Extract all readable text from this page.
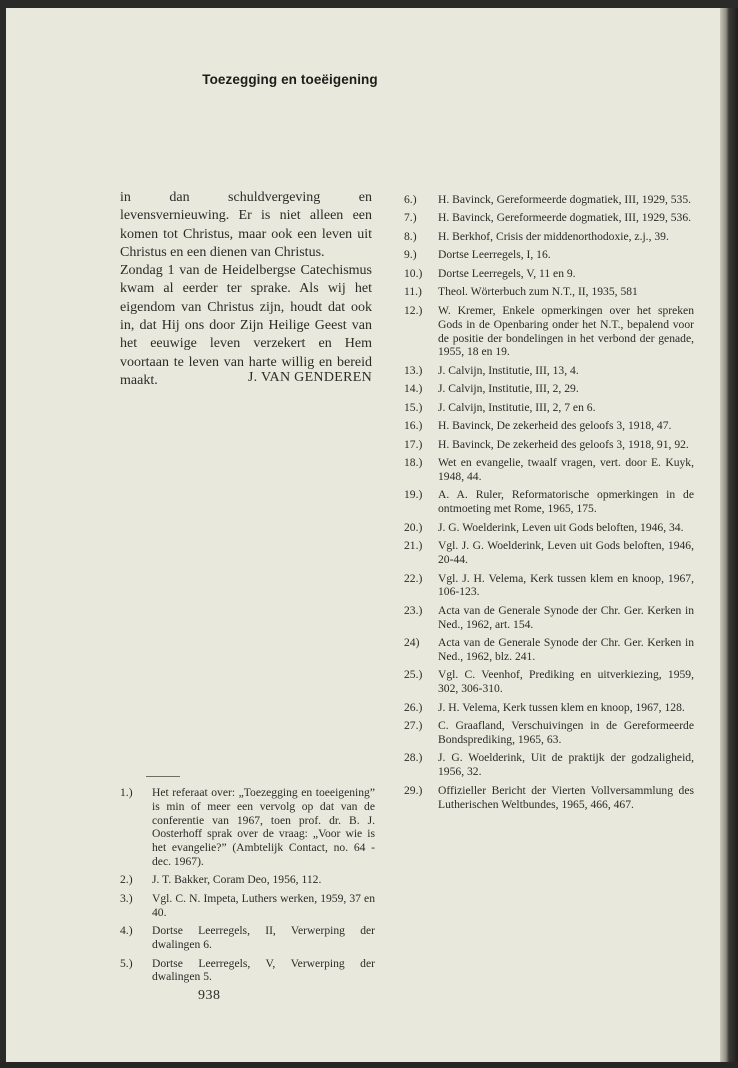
Toezegging en toeëigening

in dan schuldvergeving en levensvernieuwing. Er is niet alleen een komen tot Christus, maar ook een leven uit Christus en een dienen van Christus.

Zondag 1 van de Heidelbergse Catechismus kwam al eerder ter sprake. Als wij het eigendom van Christus zijn, houdt dat ook in, dat Hij ons door Zijn Heilige Geest van het eeuwige leven verzekert en Hem voortaan te leven van harte willig en bereid maakt.	J. VAN GENDEREN
1.) Het referaat over: „Toezegging en toeeigening” is min of meer een vervolg op dat van de conferentie van 1967, toen prof. dr. B. J. Oosterhoff sprak over de vraag: „Voor wie is het evangelie?” (Ambtelijk Contact, no. 64 - dec. 1967).
2.) J. T. Bakker, Coram Deo, 1956, 112.
3.) Vgl. C. N. Impeta, Luthers werken, 1959, 37 en 40.
4.) Dortse Leerregels, II, Verwerping der dwalingen 6.
5.) Dortse Leerregels, V, Verwerping der dwalingen 5.
6.) H. Bavinck, Gereformeerde dogmatiek, III, 1929, 535.
7.) H. Bavinck, Gereformeerde dogmatiek, III, 1929, 536.
8.) H. Berkhof, Crisis der middenorthodoxie, z.j., 39.
9.) Dortse Leerregels, I, 16.
10.) Dortse Leerregels, V, 11 en 9.
11.) Theol. Wörterbuch zum N.T., II, 1935, 581
12.) W. Kremer, Enkele opmerkingen over het spreken Gods in de Openbaring onder het N.T., bepalend voor de positie der bondelingen in het verbond der genade, 1955, 18 en 19.
13.) J. Calvijn, Institutie, III, 13, 4.
14.) J. Calvijn, Institutie, III, 2, 29.
15.) J. Calvijn, Institutie, III, 2, 7 en 6.
16.) H. Bavinck, De zekerheid des geloofs 3, 1918, 47.
17.) H. Bavinck, De zekerheid des geloofs 3, 1918, 91, 92.
18.) Wet en evangelie, twaalf vragen, vert. door E. Kuyk, 1948, 44.
19.) A. A. Ruler, Reformatorische opmerkingen in de ontmoeting met Rome, 1965, 175.
20.) J. G. Woelderink, Leven uit Gods beloften, 1946, 34.
21.) Vgl. J. G. Woelderink, Leven uit Gods beloften, 1946, 20-44.
22.) Vgl. J. H. Velema, Kerk tussen klem en knoop, 1967, 106-123.
23.) Acta van de Generale Synode der Chr. Ger. Kerken in Ned., 1962, art. 154.
24) Acta van de Generale Synode der Chr. Ger. Kerken in Ned., 1962, blz. 241.
25.) Vgl. C. Veenhof, Prediking en uitverkiezing, 1959, 302, 306-310.
26.) J. H. Velema, Kerk tussen klem en knoop, 1967, 128.
27.) C. Graafland, Verschuivingen in de Gereformeerde Bondsprediking, 1965, 63.
28.) J. G. Woelderink, Uit de praktijk der godzaligheid, 1956, 32.
29.) Offizieller Bericht der Vierten Vollversammlung des Lutherischen Weltbundes, 1965, 466, 467.
938
